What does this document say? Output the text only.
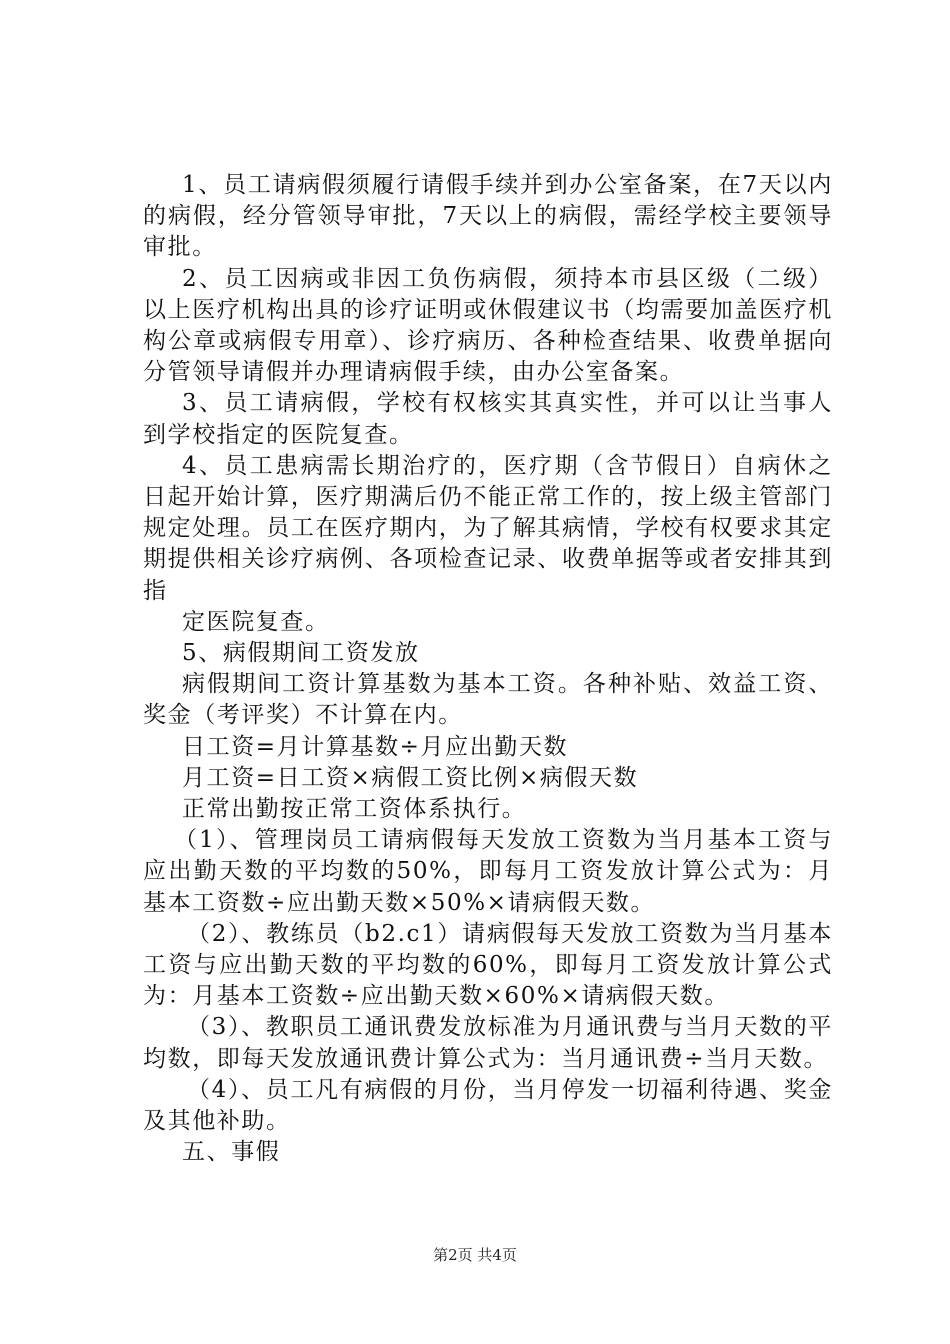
1、员工请病假须履行请假手续并到办公室备案，在7天以内的病假，经分管领导审批，7天以上的病假，需经学校主要领导审批。

2、员工因病或非因工负伤病假，须持本市县区级（二级）以上医疗机构出具的诊疗证明或休假建议书（均需要加盖医疗机构公章或病假专用章）、诊疗病历、各种检查结果、收费单据向分管领导请假并办理请病假手续，由办公室备案。

3、员工请病假，学校有权核实其真实性，并可以让当事人到学校指定的医院复查。

4、员工患病需长期治疗的，医疗期（含节假日）自病休之日起开始计算，医疗期满后仍不能正常工作的，按上级主管部门规定处理。员工在医疗期内，为了解其病情，学校有权要求其定期提供相关诊疗病例、各项检查记录、收费单据等或者安排其到指

定医院复查。

5、病假期间工资发放

病假期间工资计算基数为基本工资。各种补贴、效益工资、奖金（考评奖）不计算在内。

日工资=月计算基数÷月应出勤天数

月工资=日工资×病假工资比例×病假天数

正常出勤按正常工资体系执行。

（1）、管理岗员工请病假每天发放工资数为当月基本工资与应出勤天数的平均数的50%，即每月工资发放计算公式为：月基本工资数÷应出勤天数×50%×请病假天数。

（2）、教练员（b2.c1）请病假每天发放工资数为当月基本工资与应出勤天数的平均数的60%，即每月工资发放计算公式为：月基本工资数÷应出勤天数×60%×请病假天数。

（3）、教职员工通讯费发放标准为月通讯费与当月天数的平均数，即每天发放通讯费计算公式为：当月通讯费÷当月天数。

（4）、员工凡有病假的月份，当月停发一切福利待遇、奖金及其他补助。

五、事假

第2页 共4页
